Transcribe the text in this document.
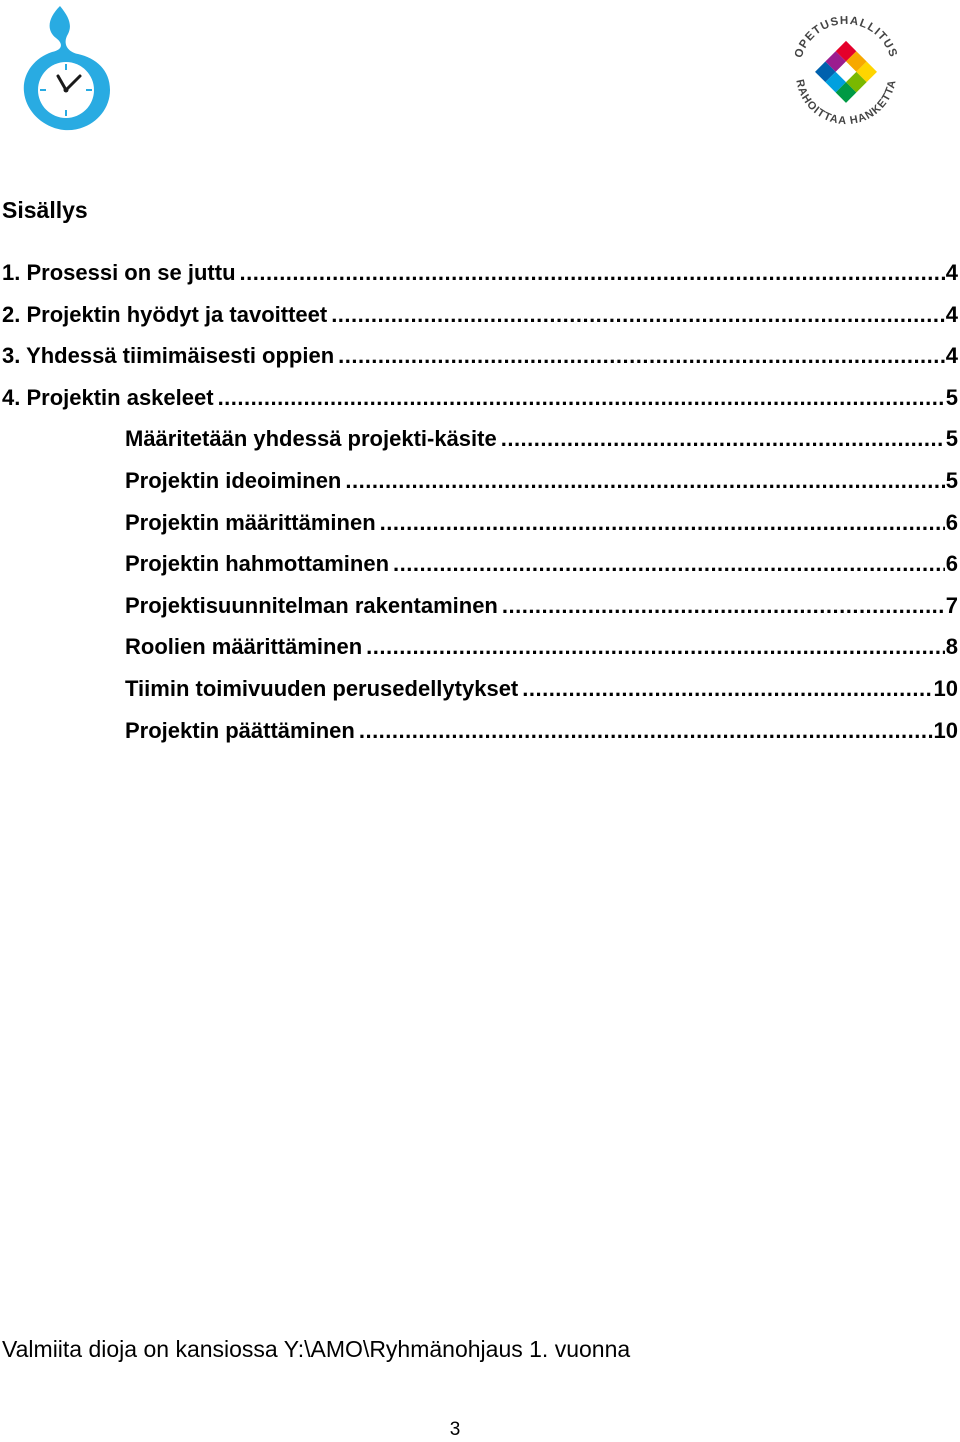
OPETUSHALLITUS
RAHOITTAA HANKETTA
Sisällys
1. Prosessi on se juttu .....	4
2. Projektin hyödyt ja tavoitteet .....	4
3. Yhdessä tiimimäisesti oppien .....	4
4. Projektin askeleet .....	5
Määritetään yhdessä projekti-käsite .....	5
Projektin ideoiminen .....	5
Projektin määrittäminen .....	6
Projektin hahmottaminen .....	6
Projektisuunnitelman rakentaminen .....	7
Roolien määrittäminen .....	8
Tiimin toimivuuden perusedellytykset .....	10
Projektin päättäminen .....	10

Valmiita dioja on kansiossa Y:\AMO\Ryhmänohjaus 1. vuonna

3
